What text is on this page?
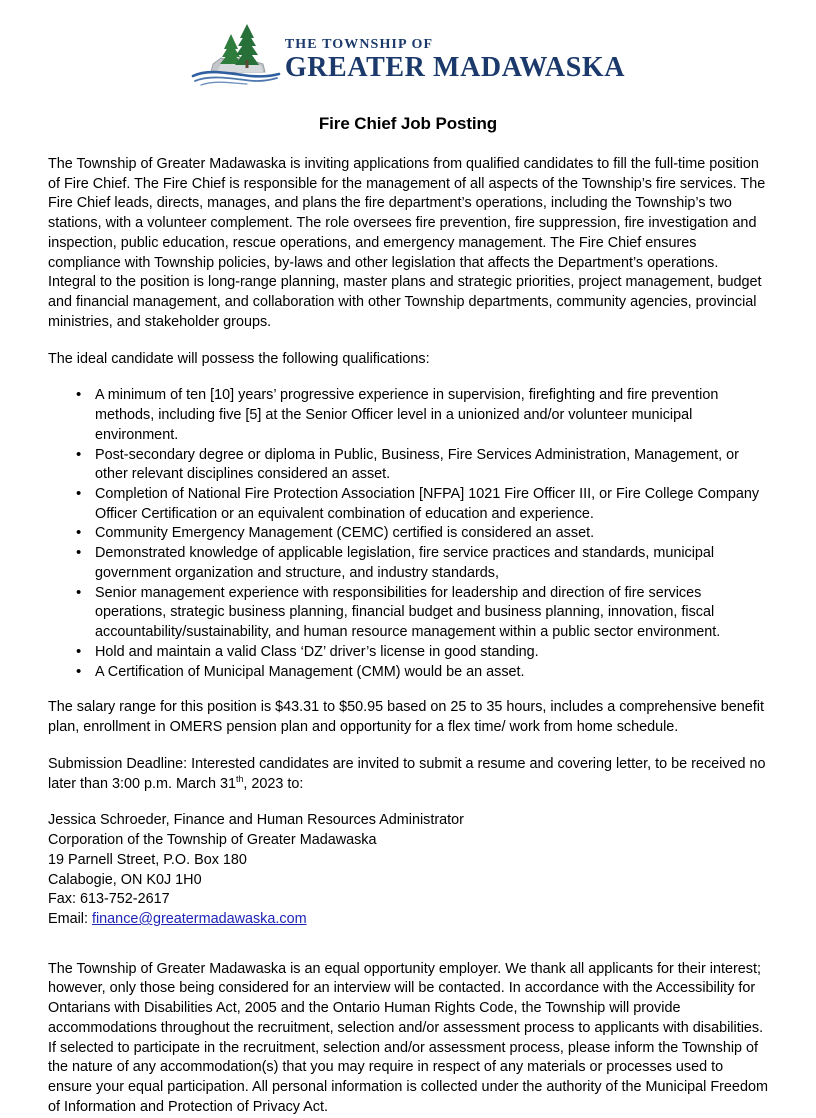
THE TOWNSHIP OF
GREATER MADAWASKA
Fire Chief Job Posting

The Township of Greater Madawaska is inviting applications from qualified candidates to fill the full-time position of Fire Chief. The Fire Chief is responsible for the management of all aspects of the Township’s fire services. The Fire Chief leads, directs, manages, and plans the fire department’s operations, including the Township’s two stations, with a volunteer complement. The role oversees fire prevention, fire suppression, fire investigation and inspection, public education, rescue operations, and emergency management. The Fire Chief ensures compliance with Township policies, by-laws and other legislation that affects the Department’s operations. Integral to the position is long-range planning, master plans and strategic priorities, project management, budget and financial management, and collaboration with other Township departments, community agencies, provincial ministries, and stakeholder groups.

The ideal candidate will possess the following qualifications:

• A minimum of ten [10] years’ progressive experience in supervision, firefighting and fire prevention methods, including five [5] at the Senior Officer level in a unionized and/or volunteer municipal environment.
• Post-secondary degree or diploma in Public, Business, Fire Services Administration, Management, or other relevant disciplines considered an asset.
• Completion of National Fire Protection Association [NFPA] 1021 Fire Officer III, or Fire College Company Officer Certification or an equivalent combination of education and experience.
• Community Emergency Management (CEMC) certified is considered an asset.
• Demonstrated knowledge of applicable legislation, fire service practices and standards, municipal government organization and structure, and industry standards,
• Senior management experience with responsibilities for leadership and direction of fire services operations, strategic business planning, financial budget and business planning, innovation, fiscal accountability/sustainability, and human resource management within a public sector environment.
• Hold and maintain a valid Class ‘DZ’ driver’s license in good standing.
• A Certification of Municipal Management (CMM) would be an asset.

The salary range for this position is $43.31 to $50.95 based on 25 to 35 hours, includes a comprehensive benefit plan, enrollment in OMERS pension plan and opportunity for a flex time/ work from home schedule.

Submission Deadline: Interested candidates are invited to submit a resume and covering letter, to be received no later than 3:00 p.m. March 31th, 2023 to:

Jessica Schroeder, Finance and Human Resources Administrator
Corporation of the Township of Greater Madawaska
19 Parnell Street, P.O. Box 180
Calabogie, ON K0J 1H0
Fax: 613-752-2617
Email: finance@greatermadawaska.com

The Township of Greater Madawaska is an equal opportunity employer. We thank all applicants for their interest; however, only those being considered for an interview will be contacted. In accordance with the Accessibility for Ontarians with Disabilities Act, 2005 and the Ontario Human Rights Code, the Township will provide accommodations throughout the recruitment, selection and/or assessment process to applicants with disabilities. If selected to participate in the recruitment, selection and/or assessment process, please inform the Township of the nature of any accommodation(s) that you may require in respect of any materials or processes used to ensure your equal participation. All personal information is collected under the authority of the Municipal Freedom of Information and Protection of Privacy Act.
